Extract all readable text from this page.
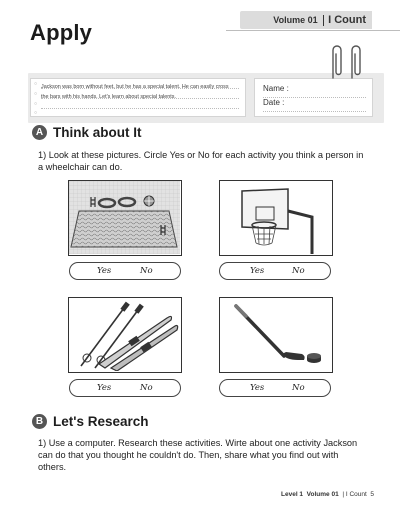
Apply	Volume 01 I Count
○
○
○
○
Jackson was born without feet, but he has a special talent. He can easily cross
the bars with his hands. Let's learn about special talents.
Name :
Date :
A Think about It
1) Look at these pictures. Circle Yes or No for each activity you think a person in a wheelchair can do.
Yes	No	Yes	No
Yes	No	Yes	No
B Let's Research
1) Use a computer. Research these activities. Wirte about one activity Jackson can do that you thought he couldn't do. Then, share what you find out with others.
Level 1 Volume 01  | I Count 5
